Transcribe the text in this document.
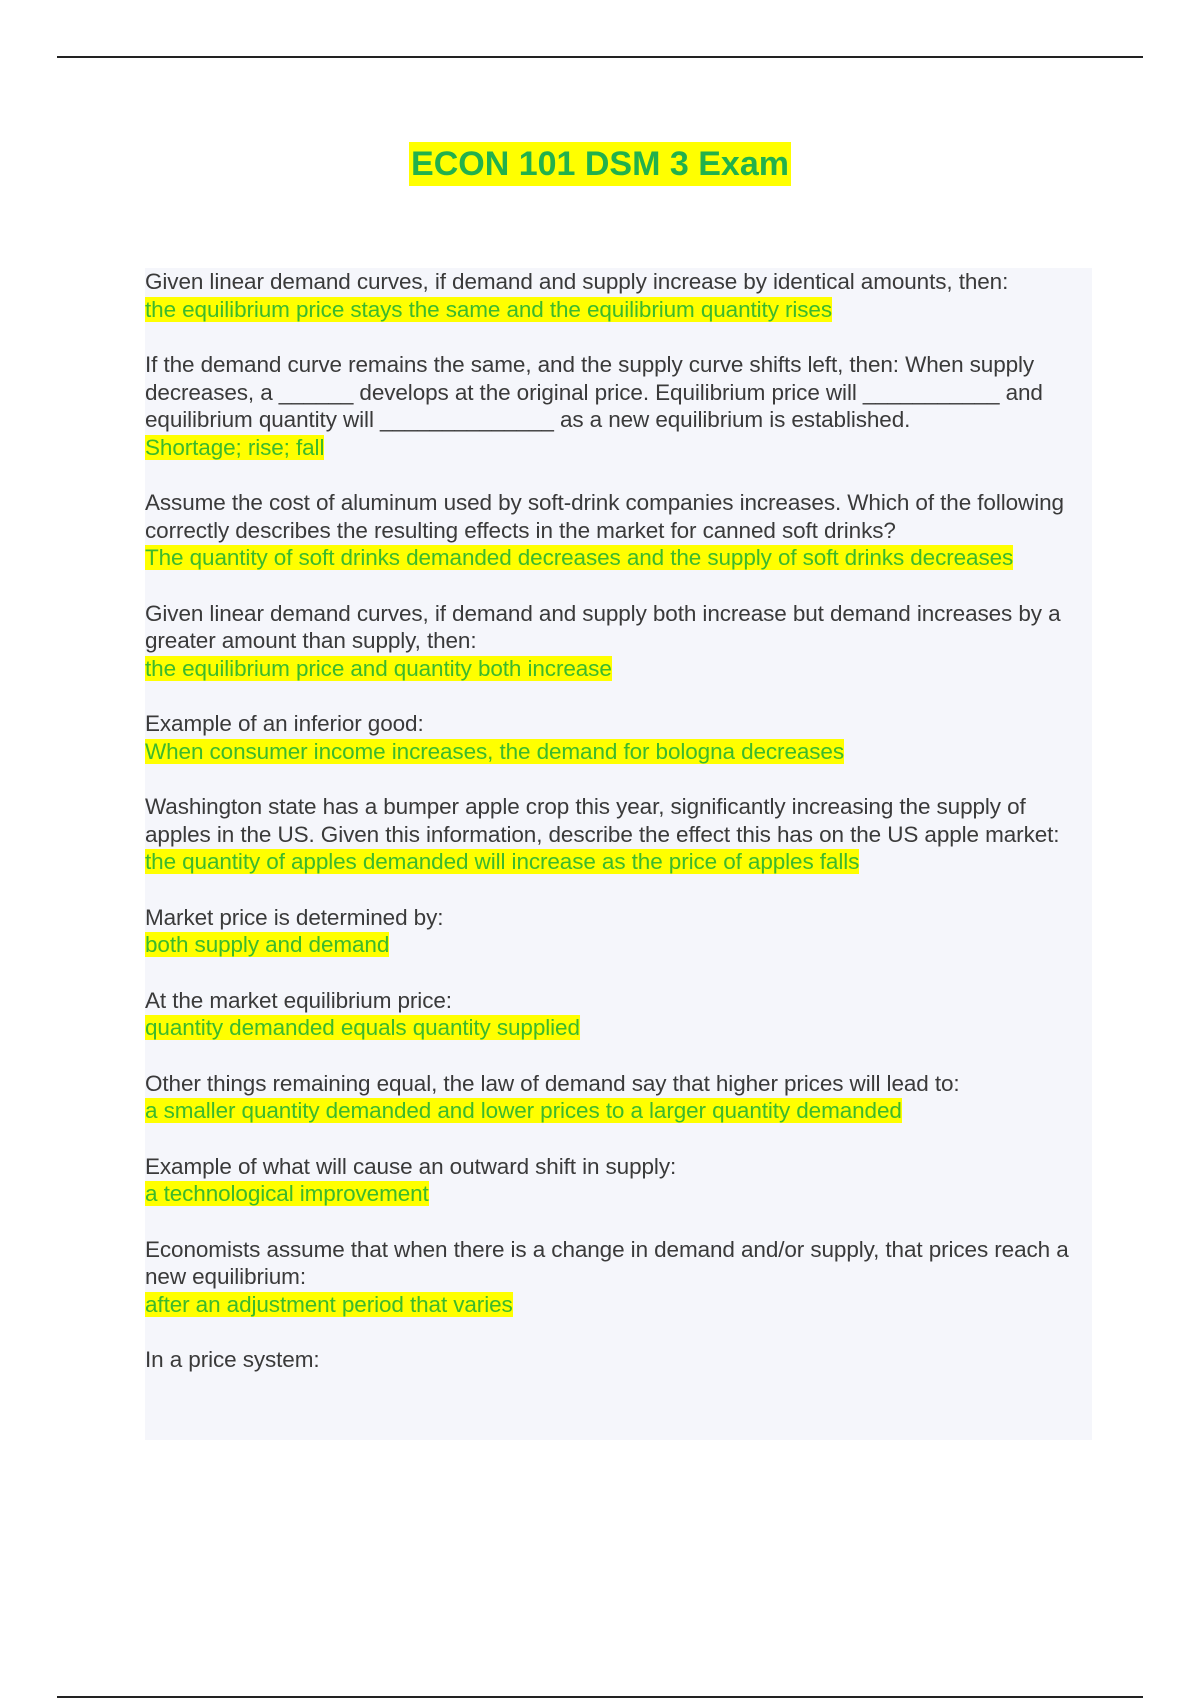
ECON 101 DSM 3 Exam

Given linear demand curves, if demand and supply increase by identical amounts, then:

the equilibrium price stays the same and the equilibrium quantity rises

If the demand curve remains the same, and the supply curve shifts left, then: When supply decreases, a ______ develops at the original price. Equilibrium price will ___________ and equilibrium quantity will ______________ as a new equilibrium is established.

Shortage; rise; fall

Assume the cost of aluminum used by soft-drink companies increases. Which of the following correctly describes the resulting effects in the market for canned soft drinks?

The quantity of soft drinks demanded decreases and the supply of soft drinks decreases

Given linear demand curves, if demand and supply both increase but demand increases by a greater amount than supply, then:

the equilibrium price and quantity both increase

Example of an inferior good:

When consumer income increases, the demand for bologna decreases

Washington state has a bumper apple crop this year, significantly increasing the supply of apples in the US. Given this information, describe the effect this has on the US apple market:

the quantity of apples demanded will increase as the price of apples falls

Market price is determined by:

both supply and demand

At the market equilibrium price:

quantity demanded equals quantity supplied

Other things remaining equal, the law of demand say that higher prices will lead to:

a smaller quantity demanded and lower prices to a larger quantity demanded

Example of what will cause an outward shift in supply:

a technological improvement

Economists assume that when there is a change in demand and/or supply, that prices reach a new equilibrium:

after an adjustment period that varies

In a price system:
